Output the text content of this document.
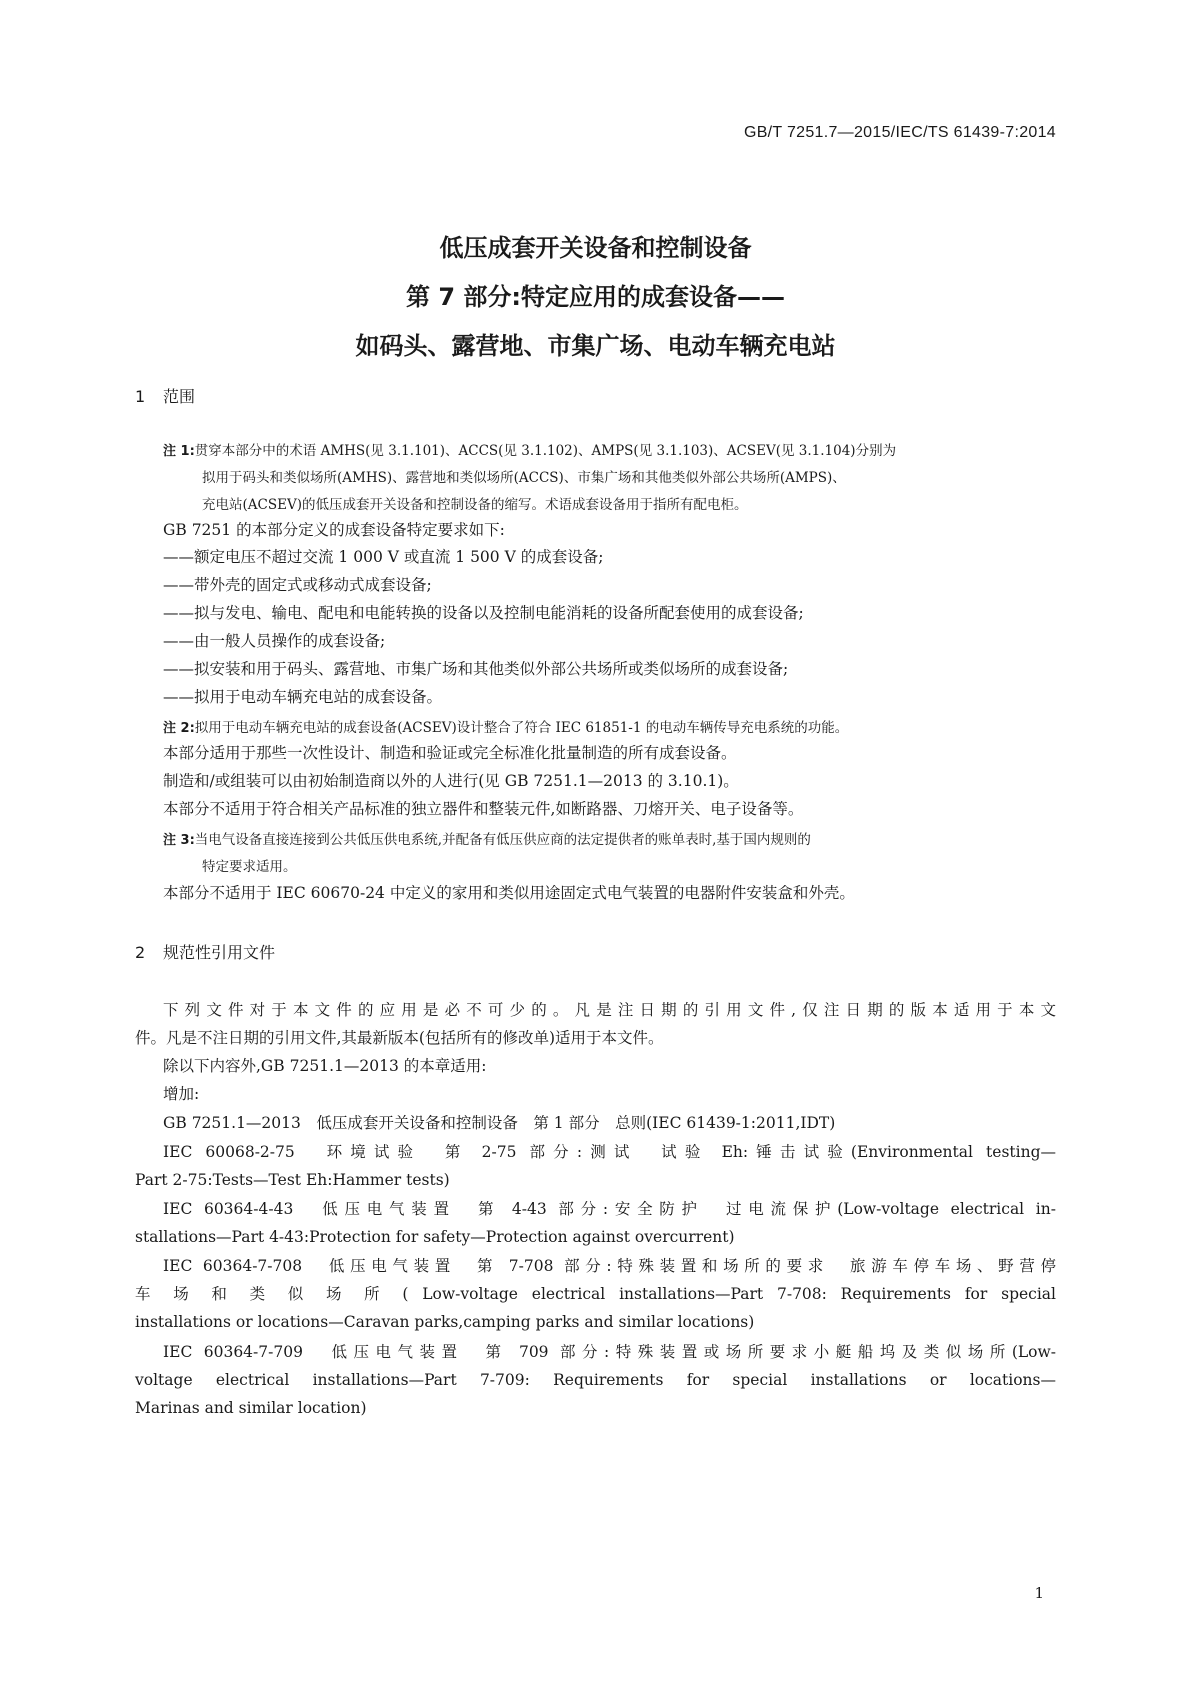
GB/T 7251.7—2015/IEC/TS 61439-7:2014
低压成套开关设备和控制设备
第 7 部分:特定应用的成套设备——
如码头、露营地、市集广场、电动车辆充电站
1 范围
注 1:贯穿本部分中的术语 AMHS(见 3.1.101)、ACCS(见 3.1.102)、AMPS(见 3.1.103)、ACSEV(见 3.1.104)分别为
拟用于码头和类似场所(AMHS)、露营地和类似场所(ACCS)、市集广场和其他类似外部公共场所(AMPS)、
充电站(ACSEV)的低压成套开关设备和控制设备的缩写。术语成套设备用于指所有配电柜。
GB 7251 的本部分定义的成套设备特定要求如下:
——额定电压不超过交流 1 000 V 或直流 1 500 V 的成套设备;
——带外壳的固定式或移动式成套设备;
——拟与发电、输电、配电和电能转换的设备以及控制电能消耗的设备所配套使用的成套设备;
——由一般人员操作的成套设备;
——拟安装和用于码头、露营地、市集广场和其他类似外部公共场所或类似场所的成套设备;
——拟用于电动车辆充电站的成套设备。
注 2:拟用于电动车辆充电站的成套设备(ACSEV)设计整合了符合 IEC 61851-1 的电动车辆传导充电系统的功能。
本部分适用于那些一次性设计、制造和验证或完全标准化批量制造的所有成套设备。
制造和/或组装可以由初始制造商以外的人进行(见 GB 7251.1—2013 的 3.10.1)。
本部分不适用于符合相关产品标准的独立器件和整装元件,如断路器、刀熔开关、电子设备等。
注 3:当电气设备直接连接到公共低压供电系统,并配备有低压供应商的法定提供者的账单表时,基于国内规则的
特定要求适用。
本部分不适用于 IEC 60670-24 中定义的家用和类似用途固定式电气装置的电器附件安装盒和外壳。
2 规范性引用文件
下列文件对于本文件的应用是必不可少的。凡是注日期的引用文件,仅注日期的版本适用于本文
件。凡是不注日期的引用文件,其最新版本(包括所有的修改单)适用于本文件。
除以下内容外,GB 7251.1—2013 的本章适用:
增加:
GB 7251.1—2013　低压成套开关设备和控制设备　第 1 部分　总则(IEC 61439-1:2011,IDT)
IEC 60068-2-75　环境试验　第 2-75 部分:测试　试验 Eh:锤击试验(Environmental testing—
Part 2-75:Tests—Test Eh:Hammer tests)
IEC 60364-4-43　低压电气装置　第 4-43 部分:安全防护　过电流保护(Low-voltage electrical in-
stallations—Part 4-43:Protection for safety—Protection against overcurrent)
IEC 60364-7-708　低压电气装置　第 7-708 部分:特殊装置和场所的要求　旅游车停车场、野营停
车 场 和 类 似 场 所 ( Low-voltage electrical installations—Part 7-708: Requirements for special
installations or locations—Caravan parks,camping parks and similar locations)
IEC 60364-7-709　低压电气装置　第 709 部分:特殊装置或场所要求小艇船坞及类似场所(Low-
voltage electrical installations—Part 7-709: Requirements for special installations or locations—
Marinas and similar location)
1
